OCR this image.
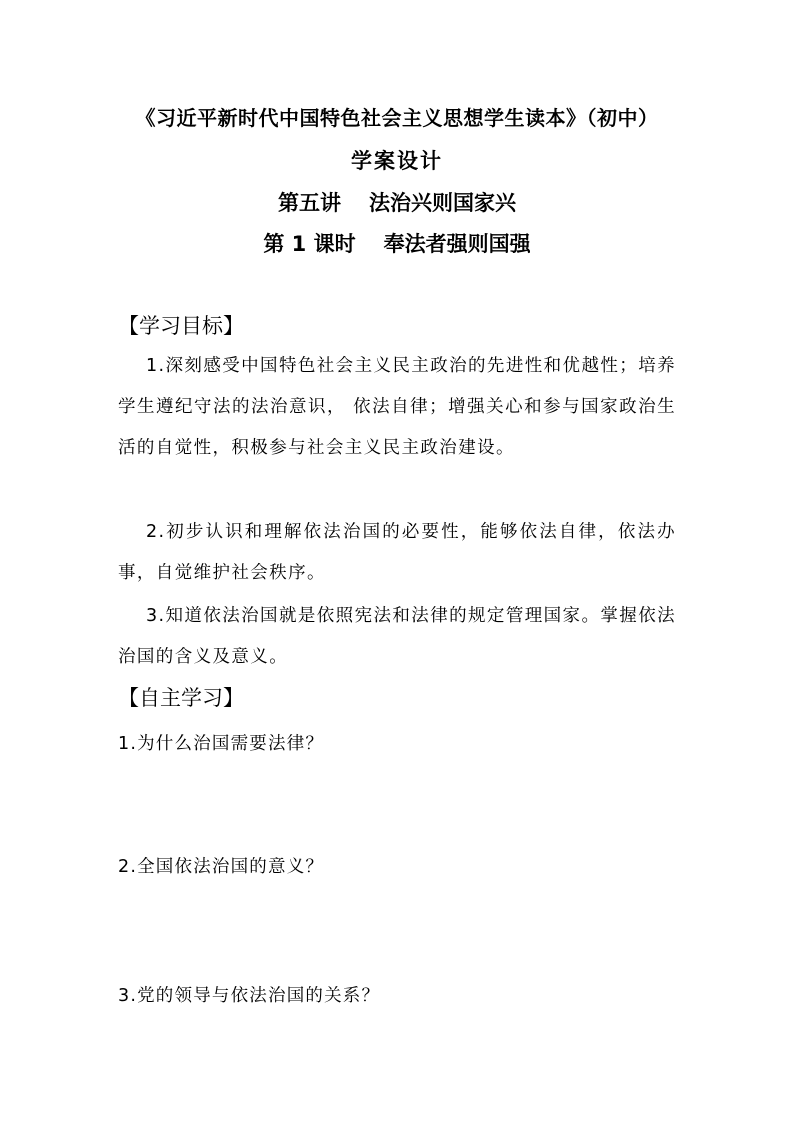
《习近平新时代中国特色社会主义思想学生读本》（初中）
学案设计
第五讲 法治兴则国家兴
第 1 课时 奉法者强则国强
【学习目标】
1.深刻感受中国特色社会主义民主政治的先进性和优越性；培养学生遵纪守法的法治意识， 依法自律；增强关心和参与国家政治生活的自觉性，积极参与社会主义民主政治建设。
2.初步认识和理解依法治国的必要性，能够依法自律，依法办事，自觉维护社会秩序。
3.知道依法治国就是依照宪法和法律的规定管理国家。掌握依法治国的含义及意义。
【自主学习】
1.为什么治国需要法律？
2.全国依法治国的意义？
3.党的领导与依法治国的关系？
